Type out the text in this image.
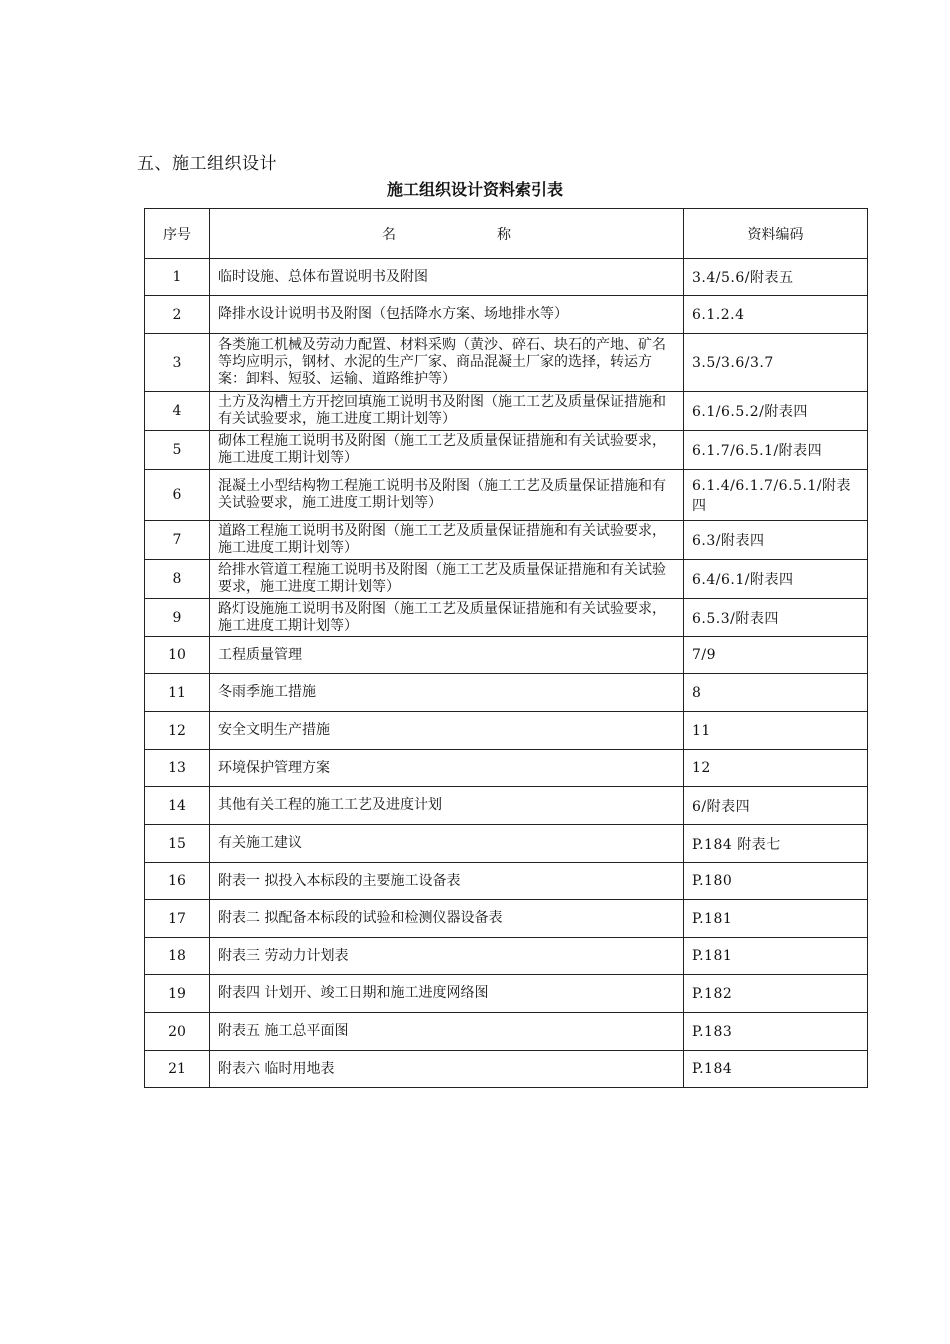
五、施工组织设计
施工组织设计资料索引表
序号	名 称	资料编码
1	临时设施、总体布置说明书及附图	3.4/5.6/附表五
2	降排水设计说明书及附图（包括降水方案、场地排水等）	6.1.2.4
3	各类施工机械及劳动力配置、材料采购（黄沙、碎石、块石的产地、矿名等均应明示，钢材、水泥的生产厂家、商品混凝土厂家的选择，转运方案：卸料、短驳、运输、道路维护等）	3.5/3.6/3.7
4	土方及沟槽土方开挖回填施工说明书及附图（施工工艺及质量保证措施和有关试验要求，施工进度工期计划等）	6.1/6.5.2/附表四
5	砌体工程施工说明书及附图（施工工艺及质量保证措施和有关试验要求，施工进度工期计划等）	6.1.7/6.5.1/附表四
6	混凝土小型结构物工程施工说明书及附图（施工工艺及质量保证措施和有关试验要求，施工进度工期计划等）	6.1.4/6.1.7/6.5.1/附表四
7	道路工程施工说明书及附图（施工工艺及质量保证措施和有关试验要求，施工进度工期计划等）	6.3/附表四
8	给排水管道工程施工说明书及附图（施工工艺及质量保证措施和有关试验要求，施工进度工期计划等）	6.4/6.1/附表四
9	路灯设施施工说明书及附图（施工工艺及质量保证措施和有关试验要求，施工进度工期计划等）	6.5.3/附表四
10	工程质量管理	7/9
11	冬雨季施工措施	8
12	安全文明生产措施	11
13	环境保护管理方案	12
14	其他有关工程的施工工艺及进度计划	6/附表四
15	有关施工建议	P.184 附表七
16	附表一 拟投入本标段的主要施工设备表	P.180
17	附表二 拟配备本标段的试验和检测仪器设备表	P.181
18	附表三 劳动力计划表	P.181
19	附表四 计划开、竣工日期和施工进度网络图	P.182
20	附表五 施工总平面图	P.183
21	附表六 临时用地表	P.184
